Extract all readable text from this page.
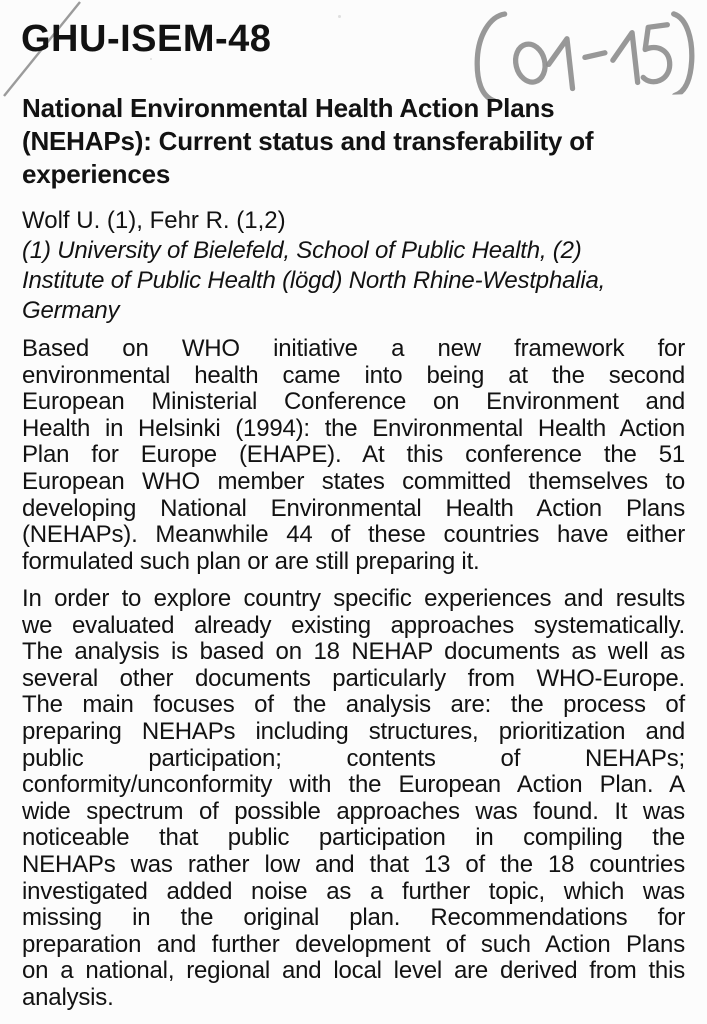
GHU-ISEM-48
National Environmental Health Action Plans
(NEHAPs): Current status and transferability of
experiences
Wolf U. (1), Fehr R. (1,2)
(1) University of Bielefeld, School of Public Health, (2)
Institute of Public Health (lögd) North Rhine-Westphalia,
Germany
Based on WHO initiative a new framework for
environmental health came into being at the second
European Ministerial Conference on Environment and
Health in Helsinki (1994): the Environmental Health Action
Plan for Europe (EHAPE). At this conference the 51
European WHO member states committed themselves to
developing National Environmental Health Action Plans
(NEHAPs). Meanwhile 44 of these countries have either
formulated such plan or are still preparing it.
In order to explore country specific experiences and results
we evaluated already existing approaches systematically.
The analysis is based on 18 NEHAP documents as well as
several other documents particularly from WHO-Europe.
The main focuses of the analysis are: the process of
preparing NEHAPs including structures, prioritization and
public participation; contents of NEHAPs;
conformity/unconformity with the European Action Plan. A
wide spectrum of possible approaches was found. It was
noticeable that public participation in compiling the
NEHAPs was rather low and that 13 of the 18 countries
investigated added noise as a further topic, which was
missing in the original plan. Recommendations for
preparation and further development of such Action Plans
on a national, regional and local level are derived from this
analysis.
